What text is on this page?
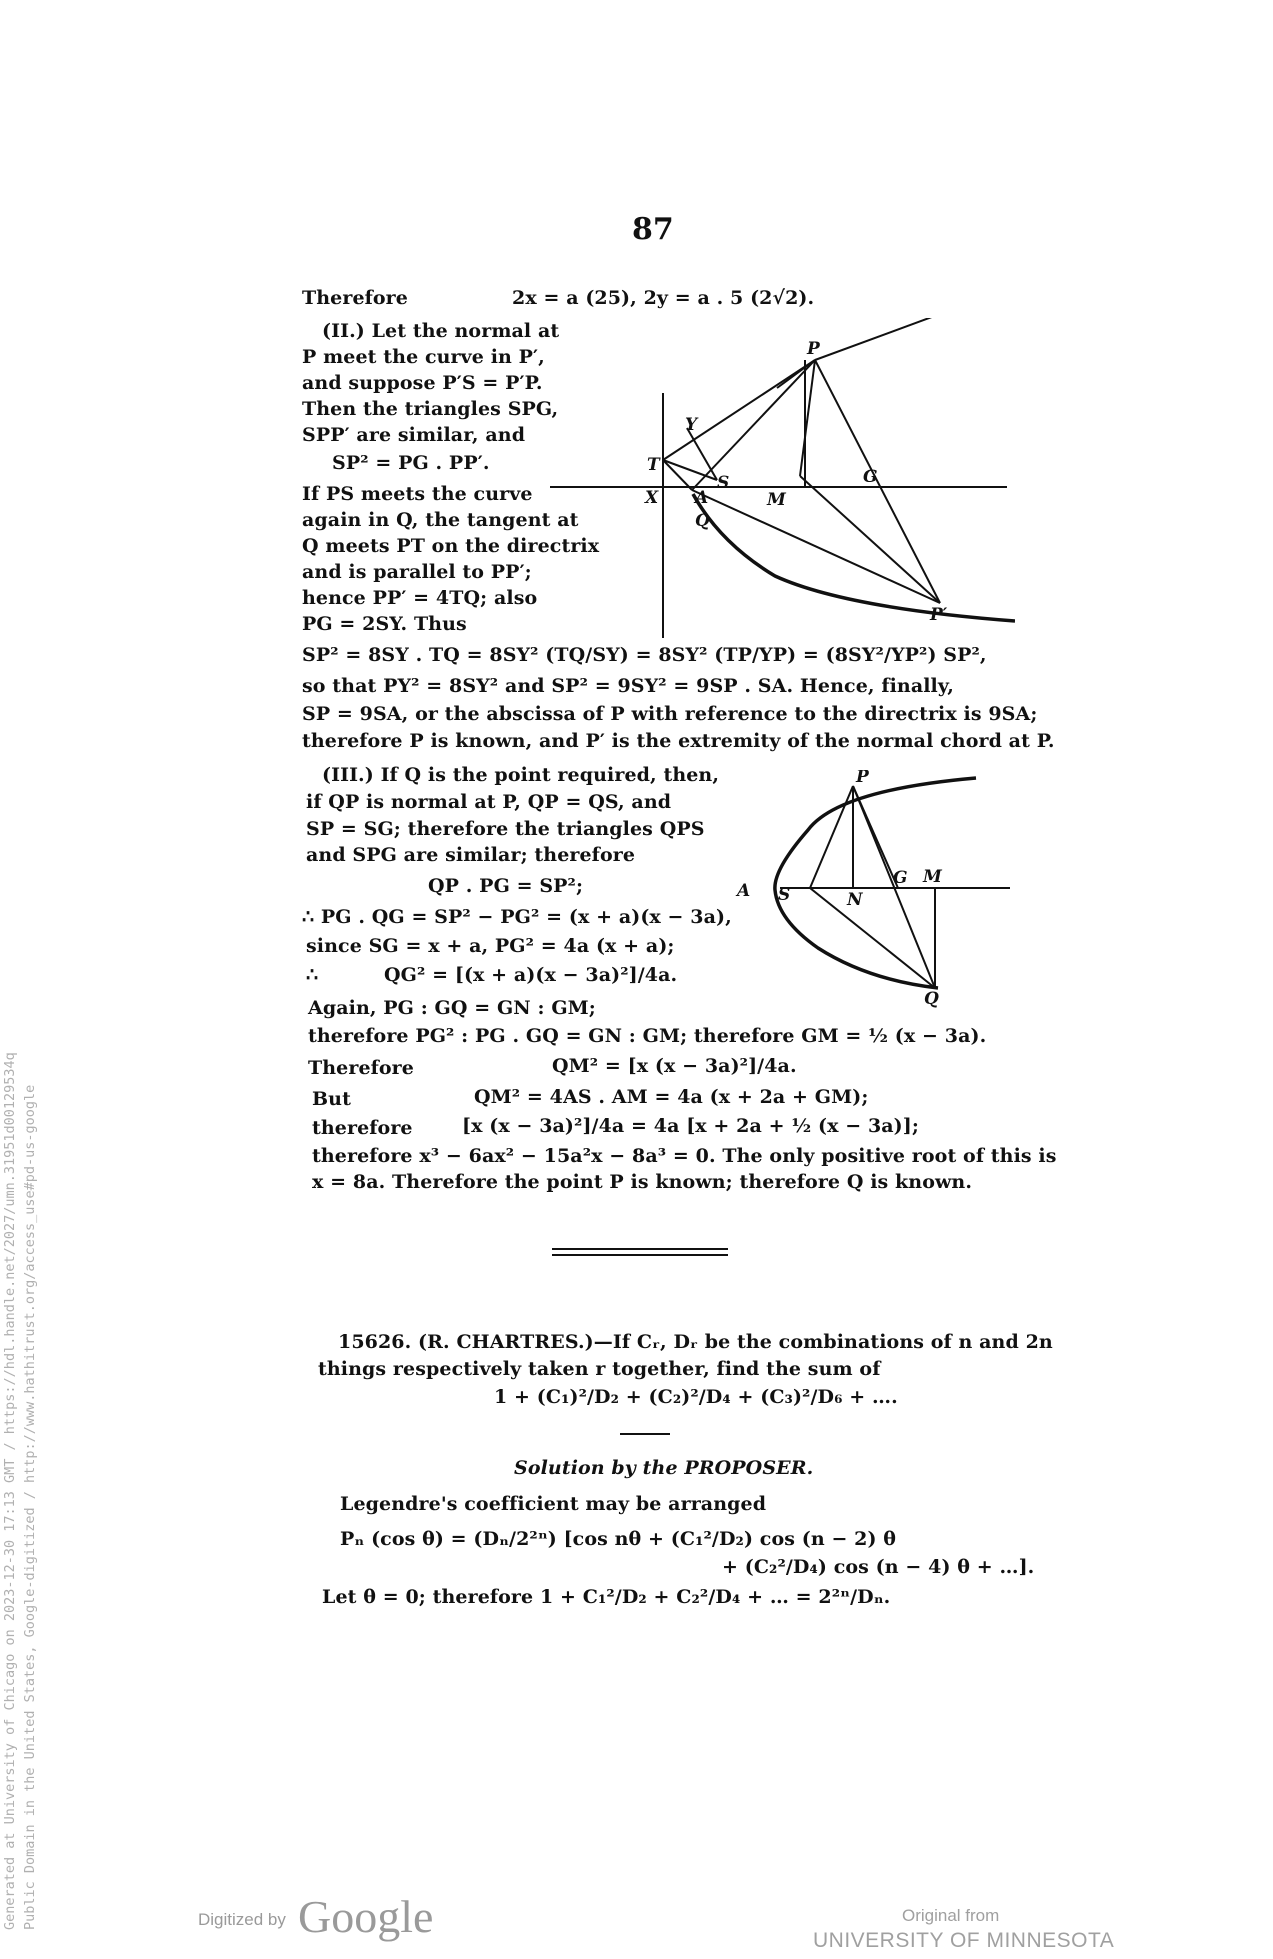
87
Therefore	2x = a (25), 2y = a . 5 (2√2).
(II.) Let the normal at
P meet the curve in P′,
and suppose P′S = P′P.
Then the triangles SPG,
SPP′ are similar, and
SP² = PG . PP′.
If PS meets the curve
again in Q, the tangent at
Q meets PT on the directrix
and is parallel to PP′;
hence PP′ = 4TQ; also
PG = 2SY. Thus
P
Y
T
X A
S
Q
M
G
P′
SP² = 8SY . TQ = 8SY² (TQ/SY) = 8SY² (TP/YP) = (8SY²/YP²) SP²,
so that PY² = 8SY² and SP² = 9SY² = 9SP . SA. Hence, finally,
SP = 9SA, or the abscissa of P with reference to the directrix is 9SA;
therefore P is known, and P′ is the extremity of the normal chord at P.
(III.) If Q is the point required, then,
if QP is normal at P, QP = QS, and
SP = SG; therefore the triangles QPS
and SPG are similar; therefore
QP . PG = SP²;
P
A S	N
G M
Q
∴ PG . QG = SP² − PG² = (x + a)(x − 3a),
since SG = x + a, PG² = 4a (x + a);
∴	QG² = [(x + a)(x − 3a)²]/4a.
Again, PG : GQ = GN : GM;
therefore PG² : PG . GQ = GN : GM; therefore GM = ½ (x − 3a).
Therefore	QM² = [x (x − 3a)²]/4a.
But	QM² = 4AS . AM = 4a (x + 2a + GM);
therefore	[x (x − 3a)²]/4a = 4a [x + 2a + ½ (x − 3a)];
therefore x³ − 6ax² − 15a²x − 8a³ = 0. The only positive root of this is
x = 8a. Therefore the point P is known; therefore Q is known.
15626. (R. CHARTRES.)—If Cᵣ, Dᵣ be the combinations of n and 2n
things respectively taken r together, find the sum of
1 + (C₁)²/D₂ + (C₂)²/D₄ + (C₃)²/D₆ + ….
Solution by the PROPOSER.
Legendre's coefficient may be arranged
Pₙ (cos θ) = (Dₙ/2²ⁿ) [cos nθ + (C₁²/D₂) cos (n − 2) θ
+ (C₂²/D₄) cos (n − 4) θ + …].
Let θ = 0; therefore 1 + C₁²/D₂ + C₂²/D₄ + … = 2²ⁿ/Dₙ.
Generated at University of Chicago on 2023-12-30 17:13 GMT / https://hdl.handle.net/2027/umn.31951d00129534q Public Domain in the United States, Google-digitized / http://www.hathitrust.org/access_use#pd-us-google	Digitized by Google	Original from
UNIVERSITY OF MINNESOTA
